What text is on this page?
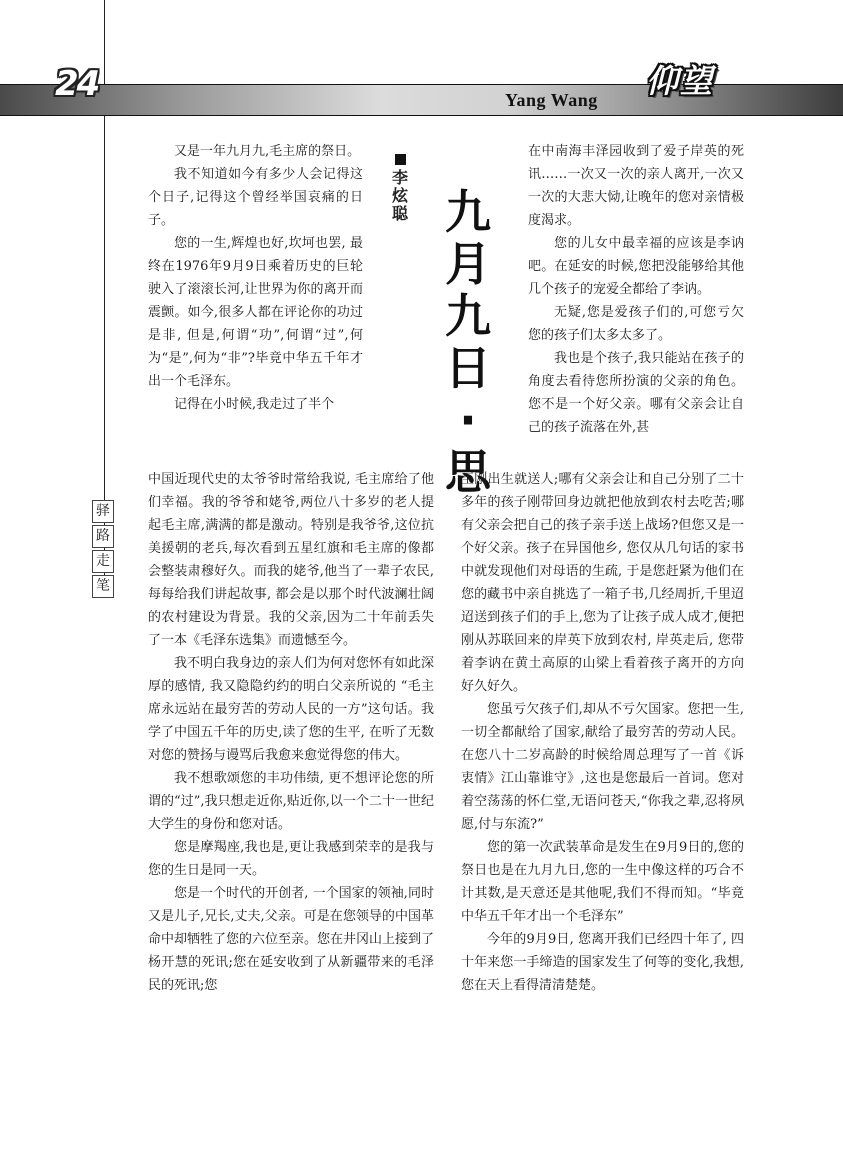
24	Yang Wang 仰望
驿
路
走
笔
李
炫
聪 九
月
九
日
·
思

又是一年九月九,毛主席的祭日。

我不知道如今有多少人会记得这个日子,记得这个曾经举国哀痛的日子。

您的一生,辉煌也好,坎坷也罢, 最终在1976年9月9日乘着历史的巨轮驶入了滚滚长河,让世界为你的离开而震颤。如今,很多人都在评论你的功过是非, 但是,何谓“功”,何谓“过”,何为“是”,何为“非”?毕竟中华五千年才出一个毛泽东。

记得在小时候,我走过了半个

中国近现代史的太爷爷时常给我说, 毛主席给了他们幸福。我的爷爷和姥爷,两位八十多岁的老人提起毛主席,满满的都是激动。特别是我爷爷,这位抗美援朝的老兵,每次看到五星红旗和毛主席的像都会整装肃穆好久。而我的姥爷,他当了一辈子农民,每每给我们讲起故事, 都会是以那个时代波澜壮阔的农村建设为背景。我的父亲,因为二十年前丢失了一本《毛泽东选集》而遗憾至今。

我不明白我身边的亲人们为何对您怀有如此深厚的感情, 我又隐隐约约的明白父亲所说的 “毛主席永远站在最穷苦的劳动人民的一方”这句话。我学了中国五千年的历史,读了您的生平, 在听了无数对您的赞扬与谩骂后我愈来愈觉得您的伟大。

我不想歌颂您的丰功伟绩, 更不想评论您的所谓的“过”,我只想走近你,贴近你,以一个二十一世纪大学生的身份和您对话。

您是摩羯座,我也是,更让我感到荣幸的是我与您的生日是同一天。

您是一个时代的开创者, 一个国家的领袖,同时又是儿子,兄长,丈夫,父亲。可是在您领导的中国革命中却牺牲了您的六位至亲。您在井冈山上接到了杨开慧的死讯;您在延安收到了从新疆带来的毛泽民的死讯;您

在中南海丰泽园收到了爱子岸英的死讯……一次又一次的亲人离开,一次又一次的大悲大恸,让晚年的您对亲情极度渴求。

您的儿女中最幸福的应该是李讷吧。在延安的时候,您把没能够给其他几个孩子的宠爱全都给了李讷。

无疑,您是爱孩子们的,可您亏欠您的孩子们太多太多了。

我也是个孩子,我只能站在孩子的角度去看待您所扮演的父亲的角色。您不是一个好父亲。哪有父亲会让自己的孩子流落在外,甚

至刚出生就送人;哪有父亲会让和自己分别了二十多年的孩子刚带回身边就把他放到农村去吃苦;哪有父亲会把自己的孩子亲手送上战场?但您又是一个好父亲。孩子在异国他乡, 您仅从几句话的家书中就发现他们对母语的生疏, 于是您赶紧为他们在您的藏书中亲自挑选了一箱子书,几经周折,千里迢迢送到孩子们的手上,您为了让孩子成人成才,便把刚从苏联回来的岸英下放到农村, 岸英走后, 您带着李讷在黄土高原的山梁上看着孩子离开的方向好久好久。

您虽亏欠孩子们,却从不亏欠国家。您把一生,一切全都献给了国家,献给了最穷苦的劳动人民。在您八十二岁高龄的时候给周总理写了一首《诉衷情》江山靠谁守》,这也是您最后一首词。您对着空荡荡的怀仁堂,无语问苍天,“你我之辈,忍将夙愿,付与东流?”

您的第一次武装革命是发生在9月9日的,您的祭日也是在九月九日,您的一生中像这样的巧合不计其数,是天意还是其他呢,我们不得而知。“毕竟中华五千年才出一个毛泽东”

今年的9月9日, 您离开我们已经四十年了, 四十年来您一手缔造的国家发生了何等的变化,我想,您在天上看得清清楚楚。
